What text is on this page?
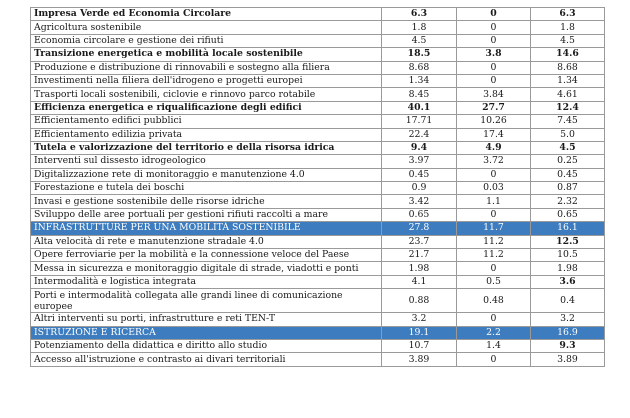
Impresa Verde ed Economia Circolare	6.3	0	6.3
Agricoltura sostenibile	1.8	0	1.8
Economia circolare e gestione dei rifiuti	4.5	0	4.5
Transizione energetica e mobilità locale sostenibile	18.5	3.8	14.6
Produzione e distribuzione di rinnovabili e sostegno alla filiera	8.68	0	8.68
Investimenti nella filiera dell'idrogeno e progetti europei	1.34	0	1.34
Trasporti locali sostenibili, ciclovie e rinnovo parco rotabile	8.45	3.84	4.61
Efficienza energetica e riqualificazione degli edifici	40.1	27.7	12.4
Efficientamento edifici pubblici	17.71	10.26	7.45
Efficientamento edilizia privata	22.4	17.4	5.0
Tutela e valorizzazione del territorio e della risorsa idrica	9.4	4.9	4.5
Interventi sul dissesto idrogeologico	3.97	3.72	0.25
Digitalizzazione rete di monitoraggio e manutenzione 4.0	0.45	0	0.45
Forestazione e tutela dei boschi	0.9	0.03	0.87
Invasi e gestione sostenibile delle risorse idriche	3.42	1.1	2.32
Sviluppo delle aree portuali per gestioni rifiuti raccolti a mare	0.65	0	0.65
INFRASTRUTTURE PER UNA MOBILITÀ SOSTENIBILE	27.8	11.7	16.1
Alta velocità di rete e manutenzione stradale 4.0	23.7	11.2	12.5
Opere ferroviarie per la mobilità e la connessione veloce del Paese	21.7	11.2	10.5
Messa in sicurezza e monitoraggio digitale di strade, viadotti e ponti	1.98	0	1.98
Intermodalità e logistica integrata	4.1	0.5	3.6
Porti e intermodalità collegata alle grandi linee di comunicazione europee	0.88	0.48	0.4
Altri interventi su porti, infrastrutture e reti TEN-T	3.2	0	3.2
ISTRUZIONE E RICERCA	19.1	2.2	16.9
Potenziamento della didattica e diritto allo studio	10.7	1.4	9.3
Accesso all'istruzione e contrasto ai divari territoriali	3.89	0	3.89
